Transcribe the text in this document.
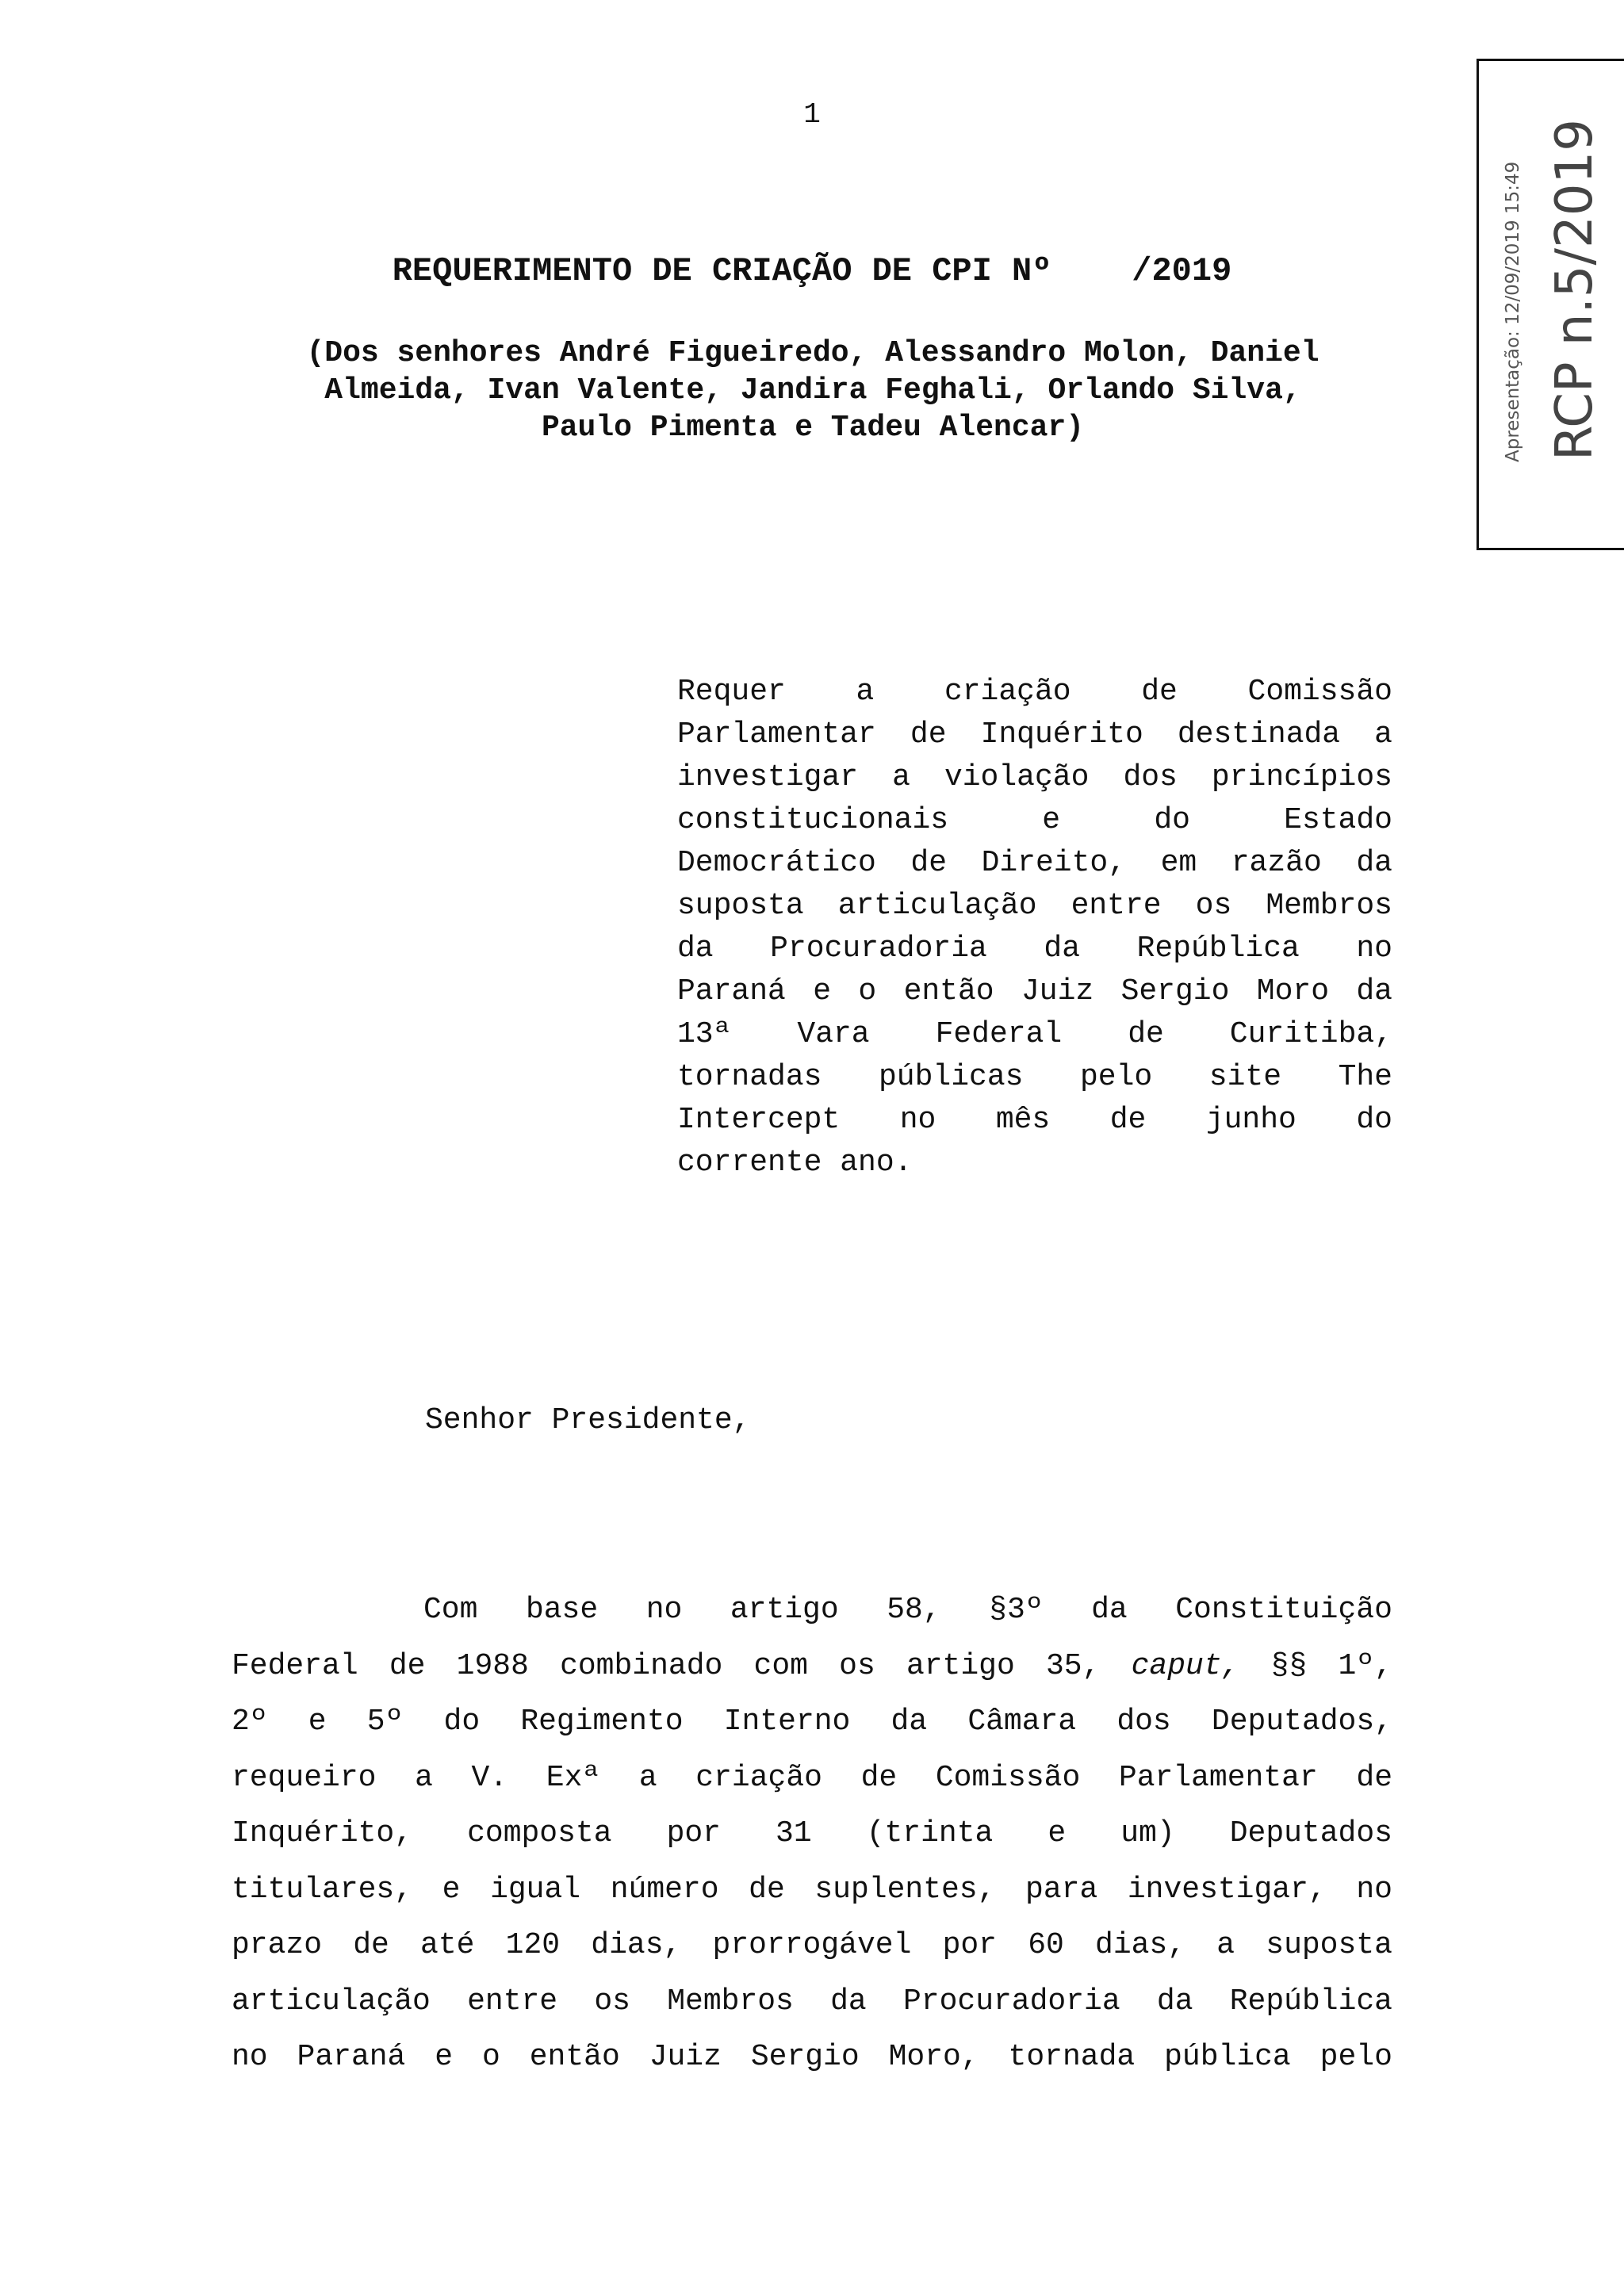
1
REQUERIMENTO DE CRIAÇÃO DE CPI Nº    /2019
(Dos senhores André Figueiredo, Alessandro Molon, Daniel
Almeida, Ivan Valente, Jandira Feghali, Orlando Silva,
Paulo Pimenta e Tadeu Alencar)
Requer a criação de Comissão
Parlamentar de Inquérito destinada a
investigar a violação dos princípios
constitucionais	e	do	Estado
Democrático de Direito, em razão da
suposta articulação entre os Membros
da Procuradoria da República no
Paraná e o então Juiz Sergio Moro da
13ª Vara Federal de Curitiba,
tornadas públicas pelo site The
Intercept no mês de junho do
corrente ano.
Senhor Presidente,
Com base no artigo 58, §3º da Constituição
Federal de 1988 combinado com os artigo 35, caput, §§ 1º,
2º e 5º do Regimento Interno da Câmara dos Deputados,
requeiro a V. Exª a criação de Comissão Parlamentar de
Inquérito, composta por 31 (trinta e um) Deputados
titulares, e igual número de suplentes, para investigar, no
prazo de até 120 dias, prorrogável por 60 dias, a suposta
articulação entre os Membros da Procuradoria da República
no Paraná e o então Juiz Sergio Moro, tornada pública pelo
Apresentação: 12/09/2019 15:49 RCP n.5/2019
